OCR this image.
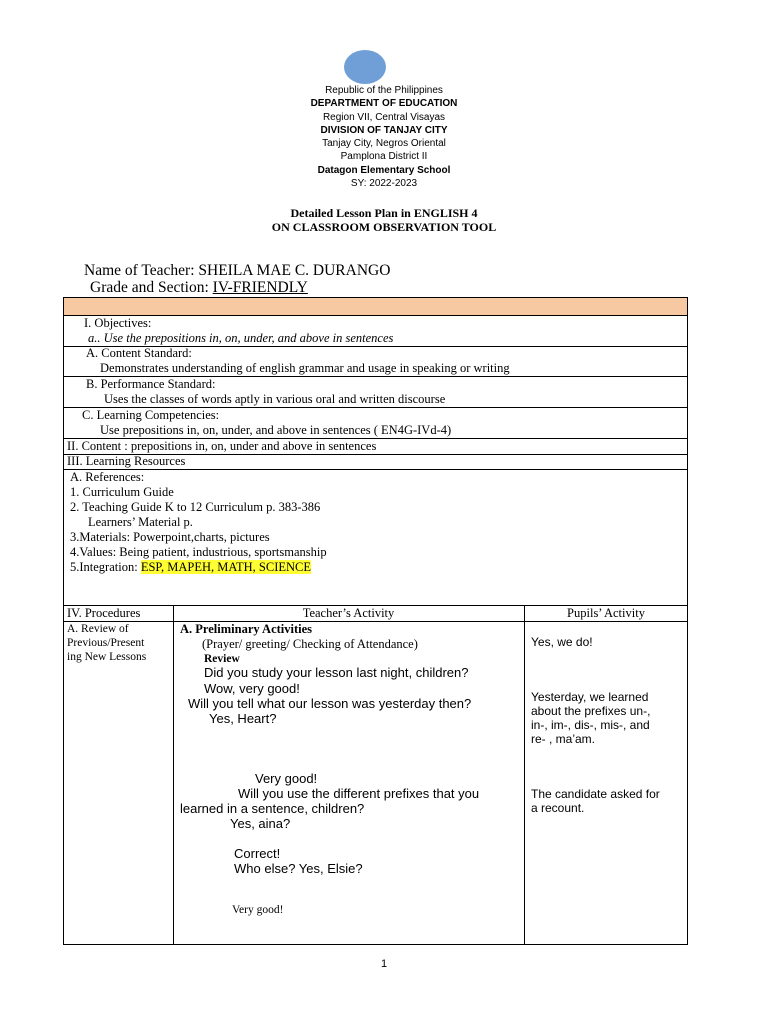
Republic of the Philippines
DEPARTMENT OF EDUCATION
Region VII, Central Visayas
DIVISION OF TANJAY CITY
Tanjay City, Negros Oriental
Pamplona District II
Datagon Elementary School
SY: 2022-2023
Detailed Lesson Plan in ENGLISH 4
ON CLASSROOM OBSERVATION TOOL
Name of Teacher: SHEILA MAE C. DURANGO
Grade and Section: IV-FRIENDLY
I. Objectives:
a.. Use the prepositions in, on, under, and above in sentences
A. Content Standard:
Demonstrates understanding of english grammar and usage in speaking or writing
B. Performance Standard:
Uses the classes of words aptly in various oral and written discourse
C. Learning Competencies:
Use prepositions in, on, under, and above in sentences ( EN4G-IVd-4)
II. Content : prepositions in, on, under and above in sentences
III. Learning Resources
A. References:
1. Curriculum Guide
2. Teaching Guide K to 12 Curriculum p. 383-386
Learners’ Material p.
3.Materials: Powerpoint,charts, pictures
4.Values: Being patient, industrious, sportsmanship
5.Integration: ESP, MAPEH, MATH, SCIENCE
IV. Procedures	Teacher’s Activity	Pupils’ Activity
A. Review of
Previous/Present
ing New Lessons
A. Preliminary Activities
(Prayer/ greeting/ Checking of Attendance)
Review
Did you study your lesson last night, children?
Wow, very good!
Will you tell what our lesson was yesterday then?
Yes, Heart?
Very good!
Will you use the different prefixes that you
learned in a sentence, children?
Yes, aina?
Correct!
Who else? Yes, Elsie?
Very good!
Yes, we do!
Yesterday, we learned
about the prefixes un-,
in-, im-, dis-, mis-, and
re- , ma’am.
The candidate asked for
a recount.
1
